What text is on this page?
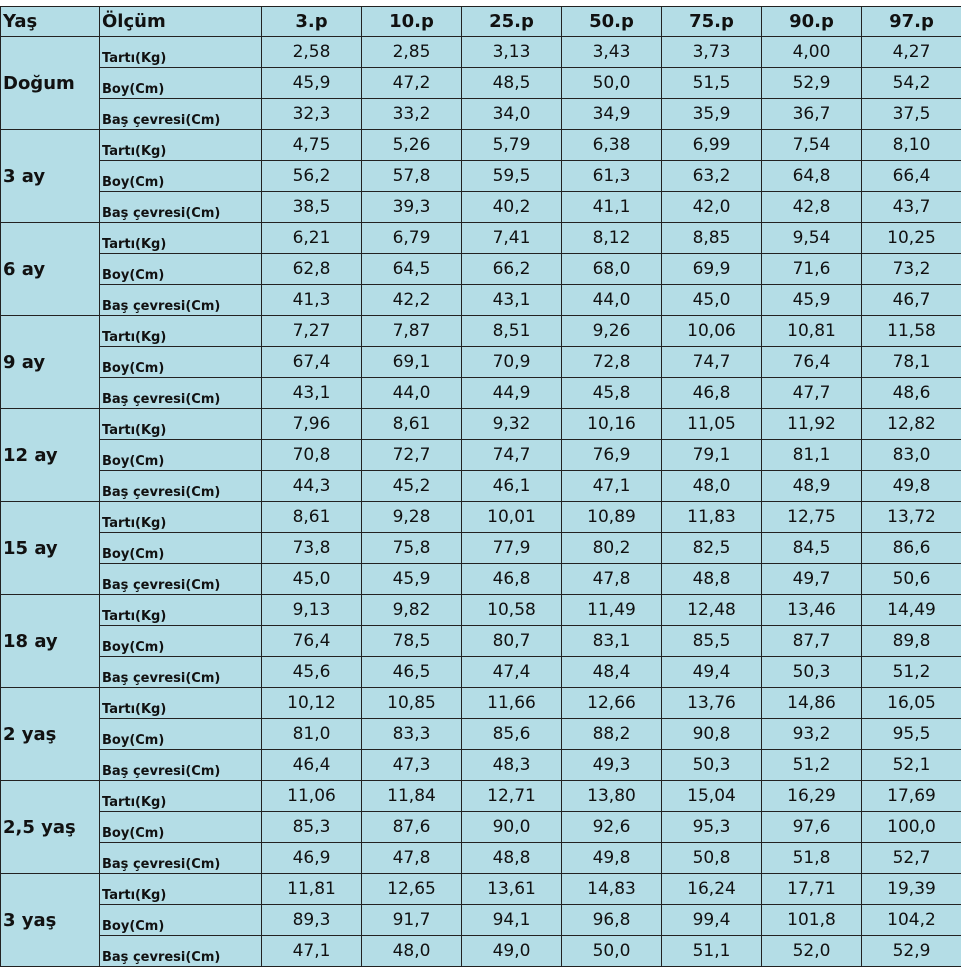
Yaş	Ölçüm	3.p	10.p	25.p	50.p	75.p	90.p	97.p
Doğum	Tartı(Kg)	2,58	2,85	3,13	3,43	3,73	4,00	4,27
	Boy(Cm)	45,9	47,2	48,5	50,0	51,5	52,9	54,2
	Baş çevresi(Cm)	32,3	33,2	34,0	34,9	35,9	36,7	37,5
3 ay	Tartı(Kg)	4,75	5,26	5,79	6,38	6,99	7,54	8,10
	Boy(Cm)	56,2	57,8	59,5	61,3	63,2	64,8	66,4
	Baş çevresi(Cm)	38,5	39,3	40,2	41,1	42,0	42,8	43,7
6 ay	Tartı(Kg)	6,21	6,79	7,41	8,12	8,85	9,54	10,25
	Boy(Cm)	62,8	64,5	66,2	68,0	69,9	71,6	73,2
	Baş çevresi(Cm)	41,3	42,2	43,1	44,0	45,0	45,9	46,7
9 ay	Tartı(Kg)	7,27	7,87	8,51	9,26	10,06	10,81	11,58
	Boy(Cm)	67,4	69,1	70,9	72,8	74,7	76,4	78,1
	Baş çevresi(Cm)	43,1	44,0	44,9	45,8	46,8	47,7	48,6
12 ay	Tartı(Kg)	7,96	8,61	9,32	10,16	11,05	11,92	12,82
	Boy(Cm)	70,8	72,7	74,7	76,9	79,1	81,1	83,0
	Baş çevresi(Cm)	44,3	45,2	46,1	47,1	48,0	48,9	49,8
15 ay	Tartı(Kg)	8,61	9,28	10,01	10,89	11,83	12,75	13,72
	Boy(Cm)	73,8	75,8	77,9	80,2	82,5	84,5	86,6
	Baş çevresi(Cm)	45,0	45,9	46,8	47,8	48,8	49,7	50,6
18 ay	Tartı(Kg)	9,13	9,82	10,58	11,49	12,48	13,46	14,49
	Boy(Cm)	76,4	78,5	80,7	83,1	85,5	87,7	89,8
	Baş çevresi(Cm)	45,6	46,5	47,4	48,4	49,4	50,3	51,2
2 yaş	Tartı(Kg)	10,12	10,85	11,66	12,66	13,76	14,86	16,05
	Boy(Cm)	81,0	83,3	85,6	88,2	90,8	93,2	95,5
	Baş çevresi(Cm)	46,4	47,3	48,3	49,3	50,3	51,2	52,1
2,5 yaş	Tartı(Kg)	11,06	11,84	12,71	13,80	15,04	16,29	17,69
	Boy(Cm)	85,3	87,6	90,0	92,6	95,3	97,6	100,0
	Baş çevresi(Cm)	46,9	47,8	48,8	49,8	50,8	51,8	52,7
3 yaş	Tartı(Kg)	11,81	12,65	13,61	14,83	16,24	17,71	19,39
	Boy(Cm)	89,3	91,7	94,1	96,8	99,4	101,8	104,2
	Baş çevresi(Cm)	47,1	48,0	49,0	50,0	51,1	52,0	52,9
